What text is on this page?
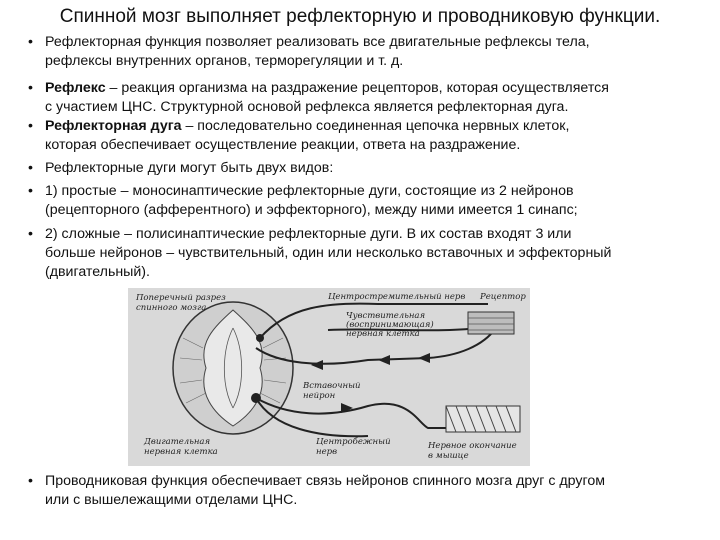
Спинной мозг выполняет рефлекторную и проводниковую функции.
• Рефлекторная функция позволяет реализовать все двигательные рефлексы тела,
рефлексы внутренних органов, терморегуляции и т. д.
• Рефлекс – реакция организма на раздражение рецепторов, которая осуществляется
с участием ЦНС. Структурной основой рефлекса является рефлекторная дуга.
• Рефлекторная дуга – последовательно соединенная цепочка нервных клеток,
которая обеспечивает осуществление реакции, ответа на раздражение.
• Рефлекторные дуги могут быть двух видов:
• 1) простые – моносинаптические рефлекторные дуги, состоящие из 2 нейронов
(рецепторного (афферентного) и эффекторного), между ними имеется 1 синапс;
• 2) сложные – полисинаптические рефлекторные дуги. В их состав входят 3 или
больше нейронов – чувствительный, один или несколько вставочных и эффекторный
(двигательный).
• Проводниковая функция обеспечивает связь нейронов спинного мозга друг с другом
или с вышележащими отделами ЦНС.
Поперечный разрез
спинного мозга
Центростремительный нерв Рецептор
Чувствительная
(воспринимающая)
нервная клетка
Вставочный
нейрон
Двигательная
нервная клетка
Центробежный
нерв
Нервное окончание
в мышце
